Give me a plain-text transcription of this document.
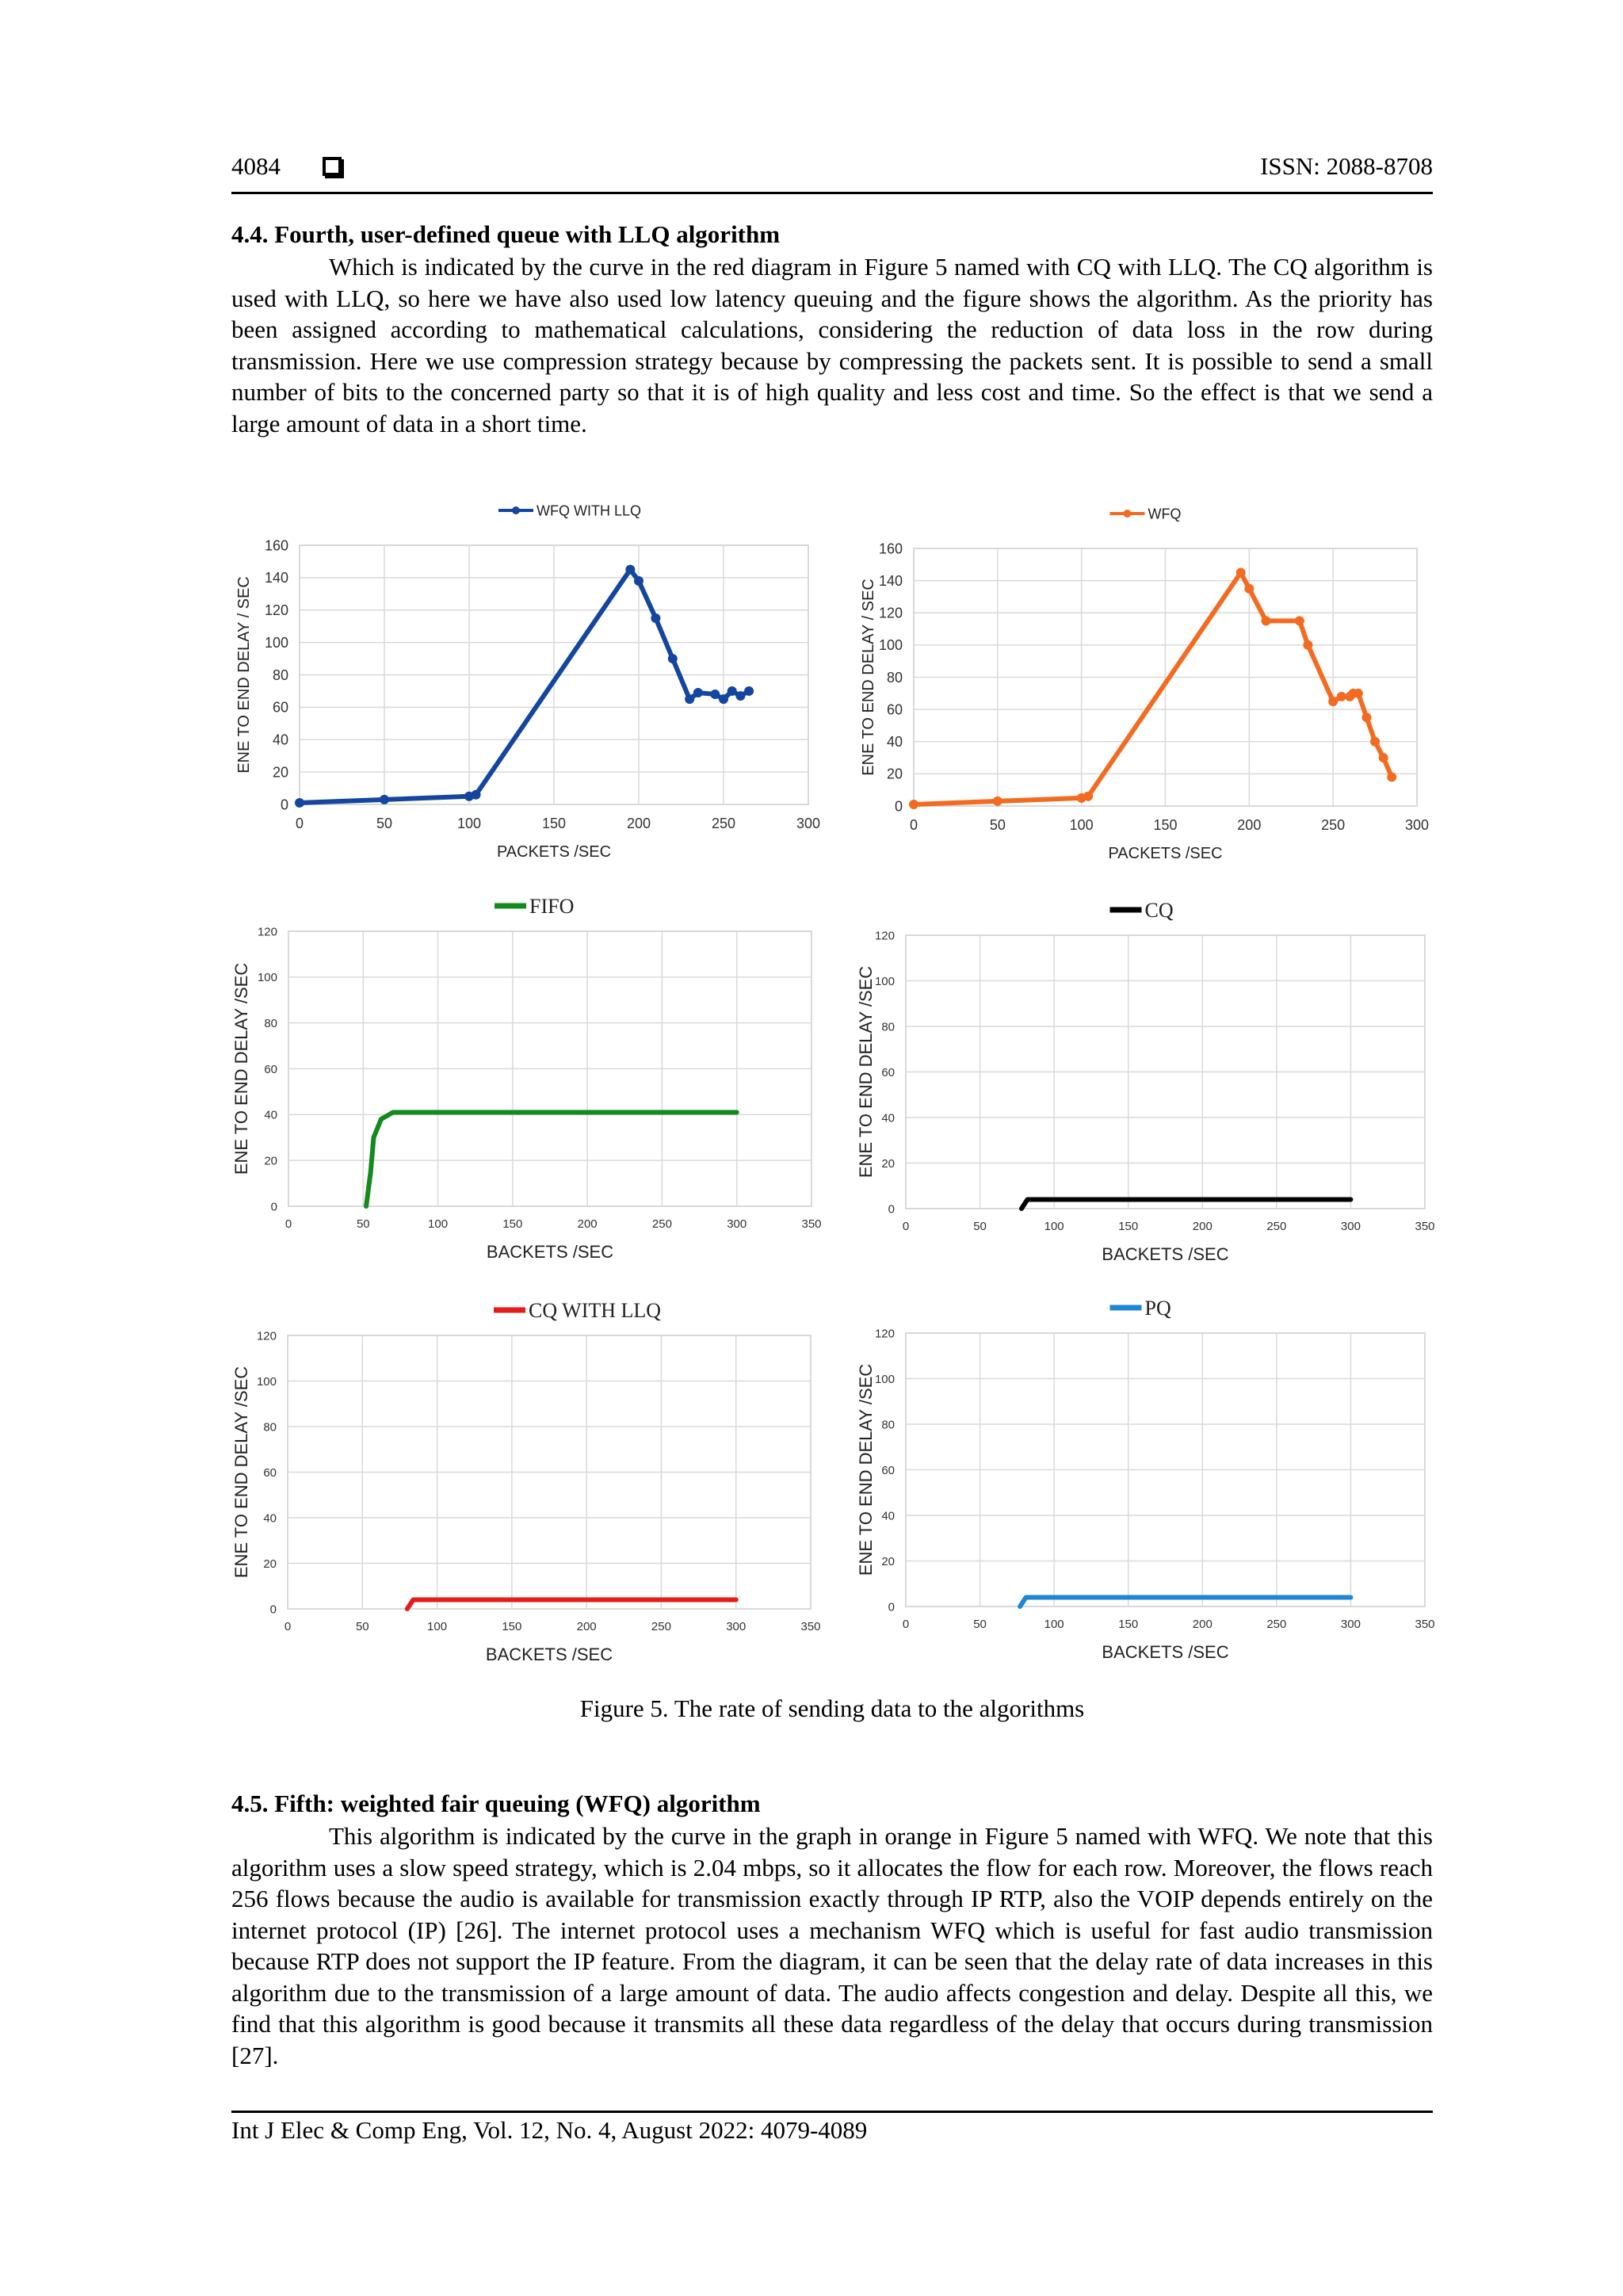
4084	ISSN: 2088-8708
4.4. Fourth, user-defined queue with LLQ algorithm

Which is indicated by the curve in the red diagram in Figure 5 named with CQ with LLQ. The CQ algorithm is used with LLQ, so here we have also used low latency queuing and the figure shows the algorithm. As the priority has been assigned according to mathematical calculations, considering the reduction of data loss in the row during transmission. Here we use compression strategy because by compressing the packets sent. It is possible to send a small number of bits to the concerned party so that it is of high quality and less cost and time. So the effect is that we send a large amount of data in a short time.

0
20
40
60
80
100
120
140
160
0	50	100	150	200	250	300
PACKETS /SEC
ENE TO END DELAY / SEC
WFQ WITH LLQ
0
20
40
60
80
100
120
140
160
0	50	100	150	200	250	300
PACKETS /SEC
ENE TO END DELAY / SEC
WFQ
0
20
40
60
80
100
120
0	50	100	150	200	250	300	350
BACKETS /SEC
ENE TO END DELAY /SEC
FIFO
0
20
40
60
80
100
120
0	50	100	150	200	250	300	350
BACKETS /SEC
ENE TO END DELAY /SEC
CQ
0
20
40
60
80
100
120
0	50	100	150	200	250	300	350
BACKETS /SEC
ENE TO END DELAY /SEC
CQ WITH LLQ
0
20
40
60
80
100
120
0	50	100	150	200	250	300	350
BACKETS /SEC
ENE TO END DELAY /SEC
PQ
Figure 5. The rate of sending data to the algorithms
4.5. Fifth: weighted fair queuing (WFQ) algorithm

This algorithm is indicated by the curve in the graph in orange in Figure 5 named with WFQ. We note that this algorithm uses a slow speed strategy, which is 2.04 mbps, so it allocates the flow for each row. Moreover, the flows reach 256 flows because the audio is available for transmission exactly through IP RTP, also the VOIP depends entirely on the internet protocol (IP) [26]. The internet protocol uses a mechanism WFQ which is useful for fast audio transmission because RTP does not support the IP feature. From the diagram, it can be seen that the delay rate of data increases in this algorithm due to the transmission of a large amount of data. The audio affects congestion and delay. Despite all this, we find that this algorithm is good because it transmits all these data regardless of the delay that occurs during transmission [27].

Int J Elec & Comp Eng, Vol. 12, No. 4, August 2022: 4079-4089
